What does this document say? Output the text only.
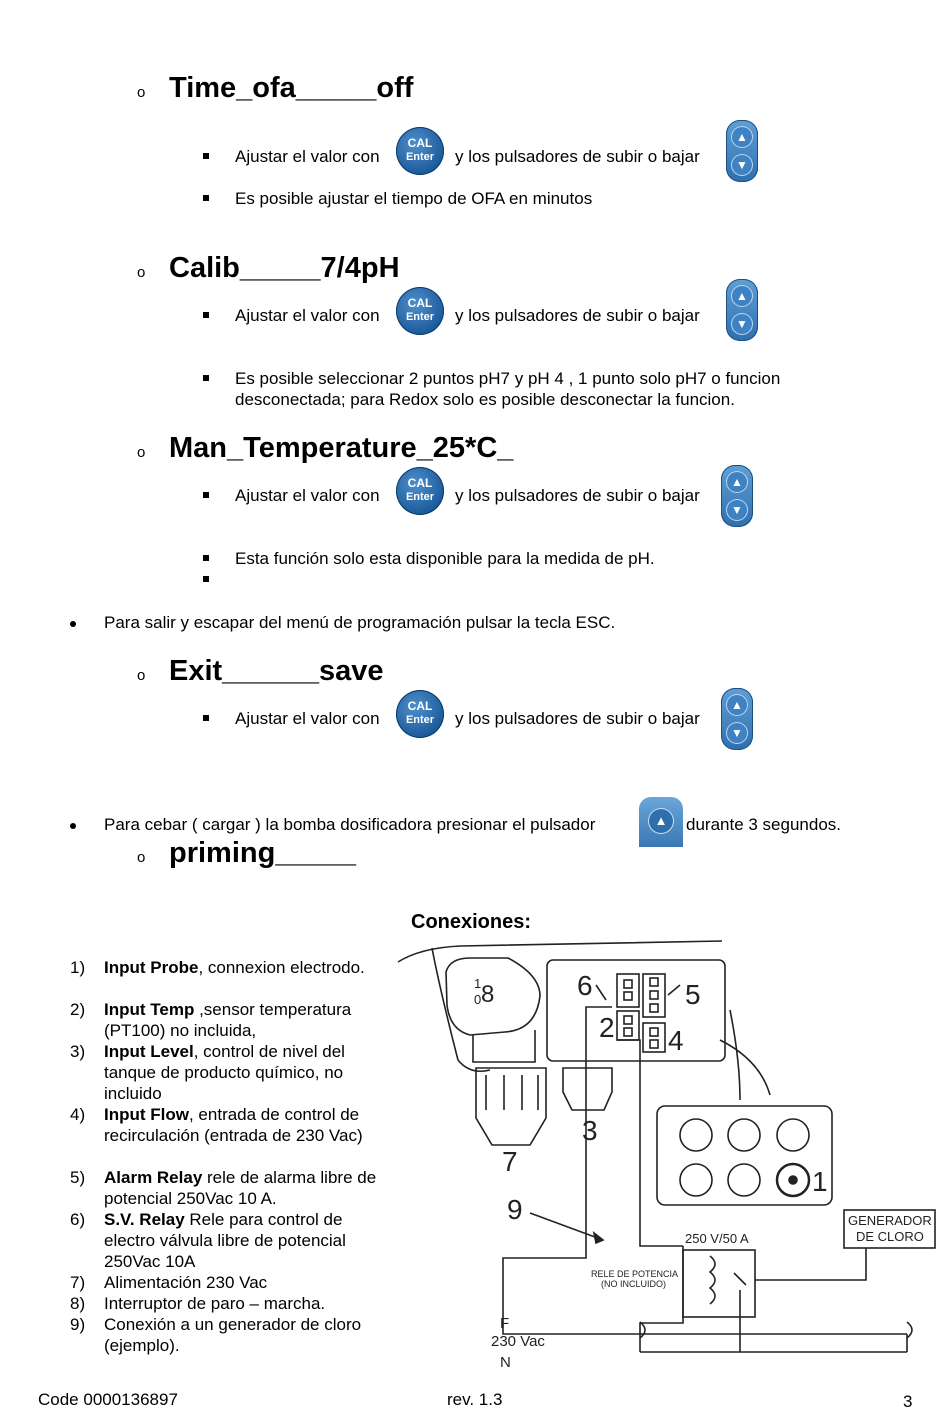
o Time_ofa_____off
Ajustar el valor con
CAL
Enter	y los pulsadores de subir o bajar
▲
▼
Es posible ajustar el tiempo de OFA en minutos
o Calib_____7/4pH
Ajustar el valor con
CAL
Enter	y los pulsadores de subir o bajar
▲
▼
Es posible seleccionar 2 puntos pH7 y pH 4 , 1 punto solo pH7 o funcion
desconectada; para Redox solo es posible desconectar la funcion.
o Man_Temperature_25*C_
Ajustar el valor con
CAL
Enter	y los pulsadores de subir o bajar
▲
▼
Esta función solo esta disponible para la medida de pH.
Para salir y escapar del menú de programación pulsar la tecla ESC.
o Exit______save
Ajustar el valor con
CAL
Enter	y los pulsadores de subir o bajar
▲
▼
Para cebar ( cargar ) la bomba dosificadora presionar el pulsador	▲	durante 3 segundos.
o priming_____
Conexiones:
1) Input Probe, connexion electrodo.
2) Input Temp ,sensor temperatura (PT100) no incluida,
3) Input Level, control de nivel del tanque de producto químico, no incluido
4) Input Flow, entrada de control de recirculación (entrada de 230 Vac)
5) Alarm Relay rele de alarma libre de potencial 250Vac 10 A.
6) S.V. Relay Rele para control de electro válvula libre de potencial 250Vac 10A
7) Alimentación 230 Vac
8) Interruptor de paro – marcha.
9) Conexión a un generador de cloro (ejemplo).
6	5
2 4
3
7
1
9
1
0 8
250 V/50 A
RELE DE POTENCIA
(NO INCLUIDO)
GENERADOR
DE CLORO
F
230 Vac
N
Code 0000136897	rev. 1.3	3
